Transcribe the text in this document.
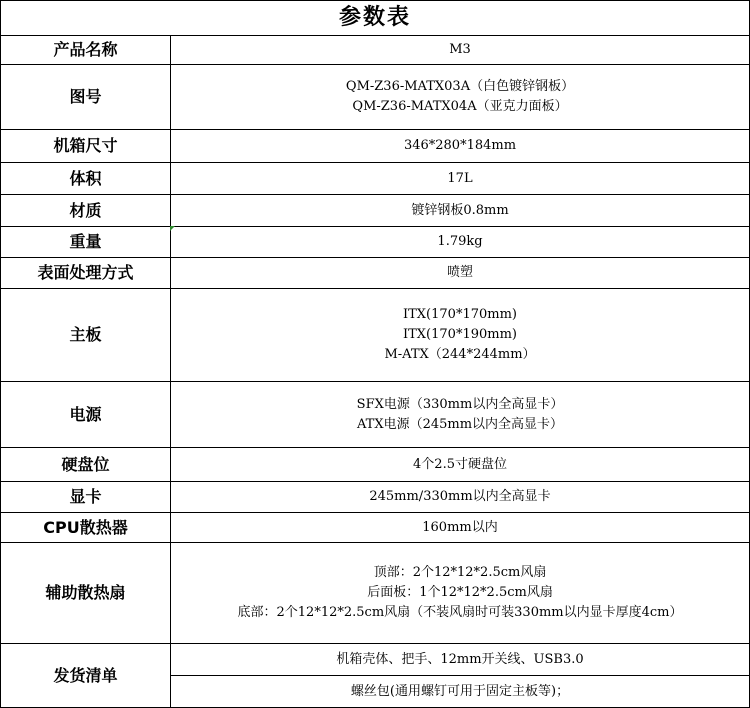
参数表	
产品名称	M3

图号	QM-Z36-MATX03A（白色镀锌钢板）
QM-Z36-MATX04A（亚克力面板）

机箱尺寸	346*280*184mm

体积	17L

材质	镀锌钢板0.8mm

重量	1.79kg

表面处理方式	喷塑

主板	ITX(170*170mm)
ITX(170*190mm)
M-ATX（244*244mm）

电源	SFX电源（330mm以内全高显卡）
ATX电源（245mm以内全高显卡）

硬盘位	4个2.5寸硬盘位

显卡	245mm/330mm以内全高显卡

CPU散热器	160mm以内

辅助散热扇	顶部：2个12*12*2.5cm风扇
后面板：1个12*12*2.5cm风扇
底部：2个12*12*2.5cm风扇（不装风扇时可装330mm以内显卡厚度4cm）

发货清单	机箱壳体、把手、12mm开关线、USB3.0

	螺丝包(通用螺钉可用于固定主板等)；
